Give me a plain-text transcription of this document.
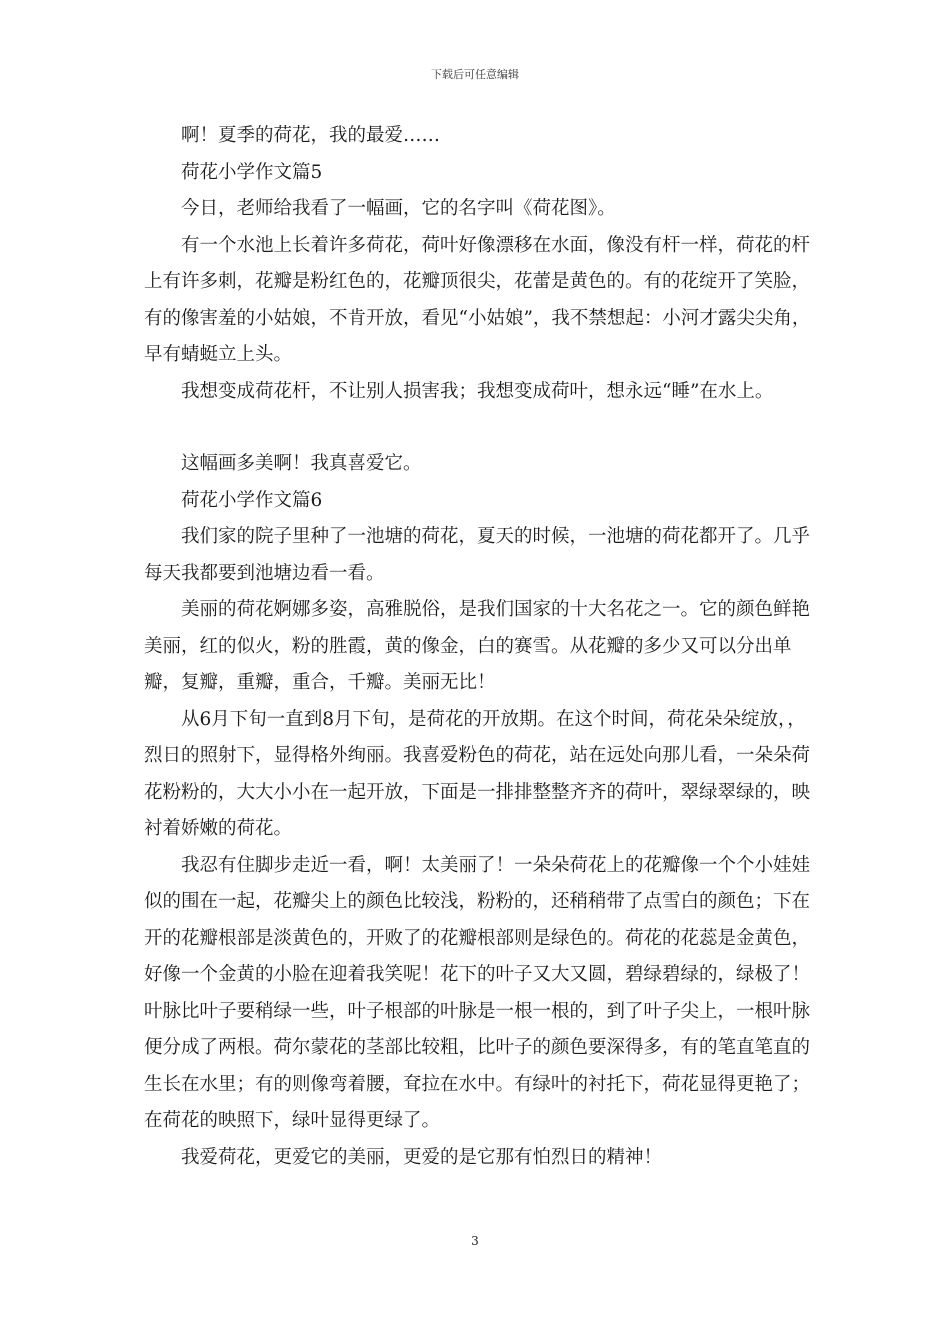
下载后可任意编辑

啊！夏季的荷花，我的最爱……

荷花小学作文篇5

今日，老师给我看了一幅画，它的名字叫《荷花图》。

有一个水池上长着许多荷花，荷叶好像漂移在水面，像没有杆一样，荷花的杆上有许多刺，花瓣是粉红色的，花瓣顶很尖，花蕾是黄色的。有的花绽开了笑脸，有的像害羞的小姑娘，不肯开放，看见“小姑娘”，我不禁想起：小河才露尖尖角，早有蜻蜓立上头。

我想变成荷花杆，不让别人损害我；我想变成荷叶，想永远“睡”在水上。

这幅画多美啊！我真喜爱它。

荷花小学作文篇6

我们家的院子里种了一池塘的荷花，夏天的时候，一池塘的荷花都开了。几乎每天我都要到池塘边看一看。

美丽的荷花婀娜多姿，高雅脱俗，是我们国家的十大名花之一。它的颜色鲜艳美丽，红的似火，粉的胜霞，黄的像金，白的赛雪。从花瓣的多少又可以分出单瓣，复瓣，重瓣，重合，千瓣。美丽无比！

从6月下旬一直到8月下旬，是荷花的开放期。在这个时间，荷花朵朵绽放，，烈日的照射下，显得格外绚丽。我喜爱粉色的荷花，站在远处向那儿看，一朵朵荷花粉粉的，大大小小在一起开放，下面是一排排整整齐齐的荷叶，翠绿翠绿的，映衬着娇嫩的荷花。

我忍有住脚步走近一看，啊！太美丽了！一朵朵荷花上的花瓣像一个个小娃娃似的围在一起，花瓣尖上的颜色比较浅，粉粉的，还稍稍带了点雪白的颜色；下在开的花瓣根部是淡黄色的，开败了的花瓣根部则是绿色的。荷花的花蕊是金黄色，好像一个金黄的小脸在迎着我笑呢！花下的叶子又大又圆，碧绿碧绿的，绿极了！叶脉比叶子要稍绿一些，叶子根部的叶脉是一根一根的，到了叶子尖上，一根叶脉便分成了两根。荷尔蒙花的茎部比较粗，比叶子的颜色要深得多，有的笔直笔直的生长在水里；有的则像弯着腰，耷拉在水中。有绿叶的衬托下，荷花显得更艳了；在荷花的映照下，绿叶显得更绿了。

我爱荷花，更爱它的美丽，更爱的是它那有怕烈日的精神！

3
